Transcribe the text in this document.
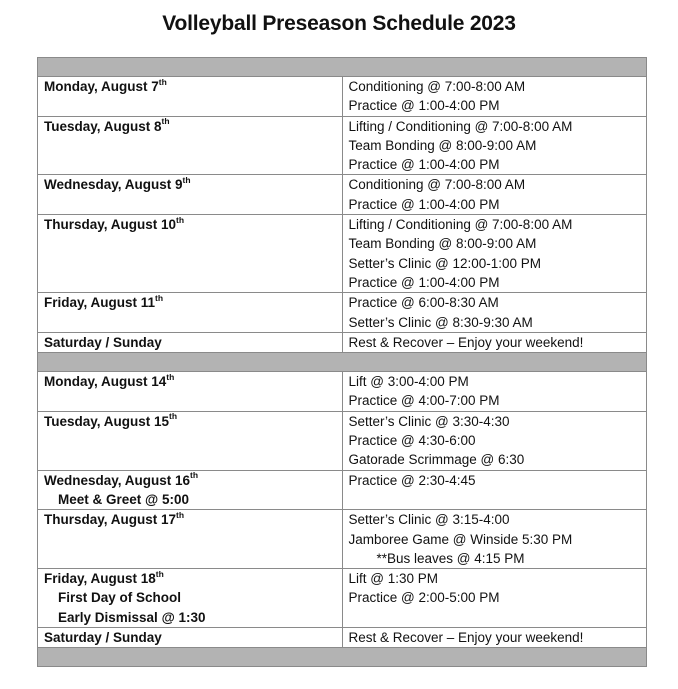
Volleyball Preseason Schedule 2023

Monday, August 7th	Conditioning @ 7:00-8:00 AM
Practice @ 1:00-4:00 PM

Tuesday, August 8th	Lifting / Conditioning @ 7:00-8:00 AM
Team Bonding @ 8:00-9:00 AM
Practice @ 1:00-4:00 PM

Wednesday, August 9th	Conditioning @ 7:00-8:00 AM
Practice @ 1:00-4:00 PM

Thursday, August 10th	Lifting / Conditioning @ 7:00-8:00 AM
Team Bonding @ 8:00-9:00 AM
Setter’s Clinic @ 12:00-1:00 PM
Practice @ 1:00-4:00 PM

Friday, August 11th	Practice @ 6:00-8:30 AM
Setter’s Clinic @ 8:30-9:30 AM

Saturday / Sunday	Rest & Recover – Enjoy your weekend!

Monday, August 14th	Lift @ 3:00-4:00 PM
Practice @ 4:00-7:00 PM

Tuesday, August 15th	Setter’s Clinic @ 3:30-4:30
Practice @ 4:30-6:00
Gatorade Scrimmage @ 6:30

Wednesday, August 16th
Meet & Greet @ 5:00	Practice @ 2:30-4:45

Thursday, August 17th	Setter’s Clinic @ 3:15-4:00
Jamboree Game @ Winside 5:30 PM
**Bus leaves @ 4:15 PM

Friday, August 18th
First Day of School
Early Dismissal @ 1:30	Lift @ 1:30 PM
Practice @ 2:00-5:00 PM

Saturday / Sunday	Rest & Recover – Enjoy your weekend!
